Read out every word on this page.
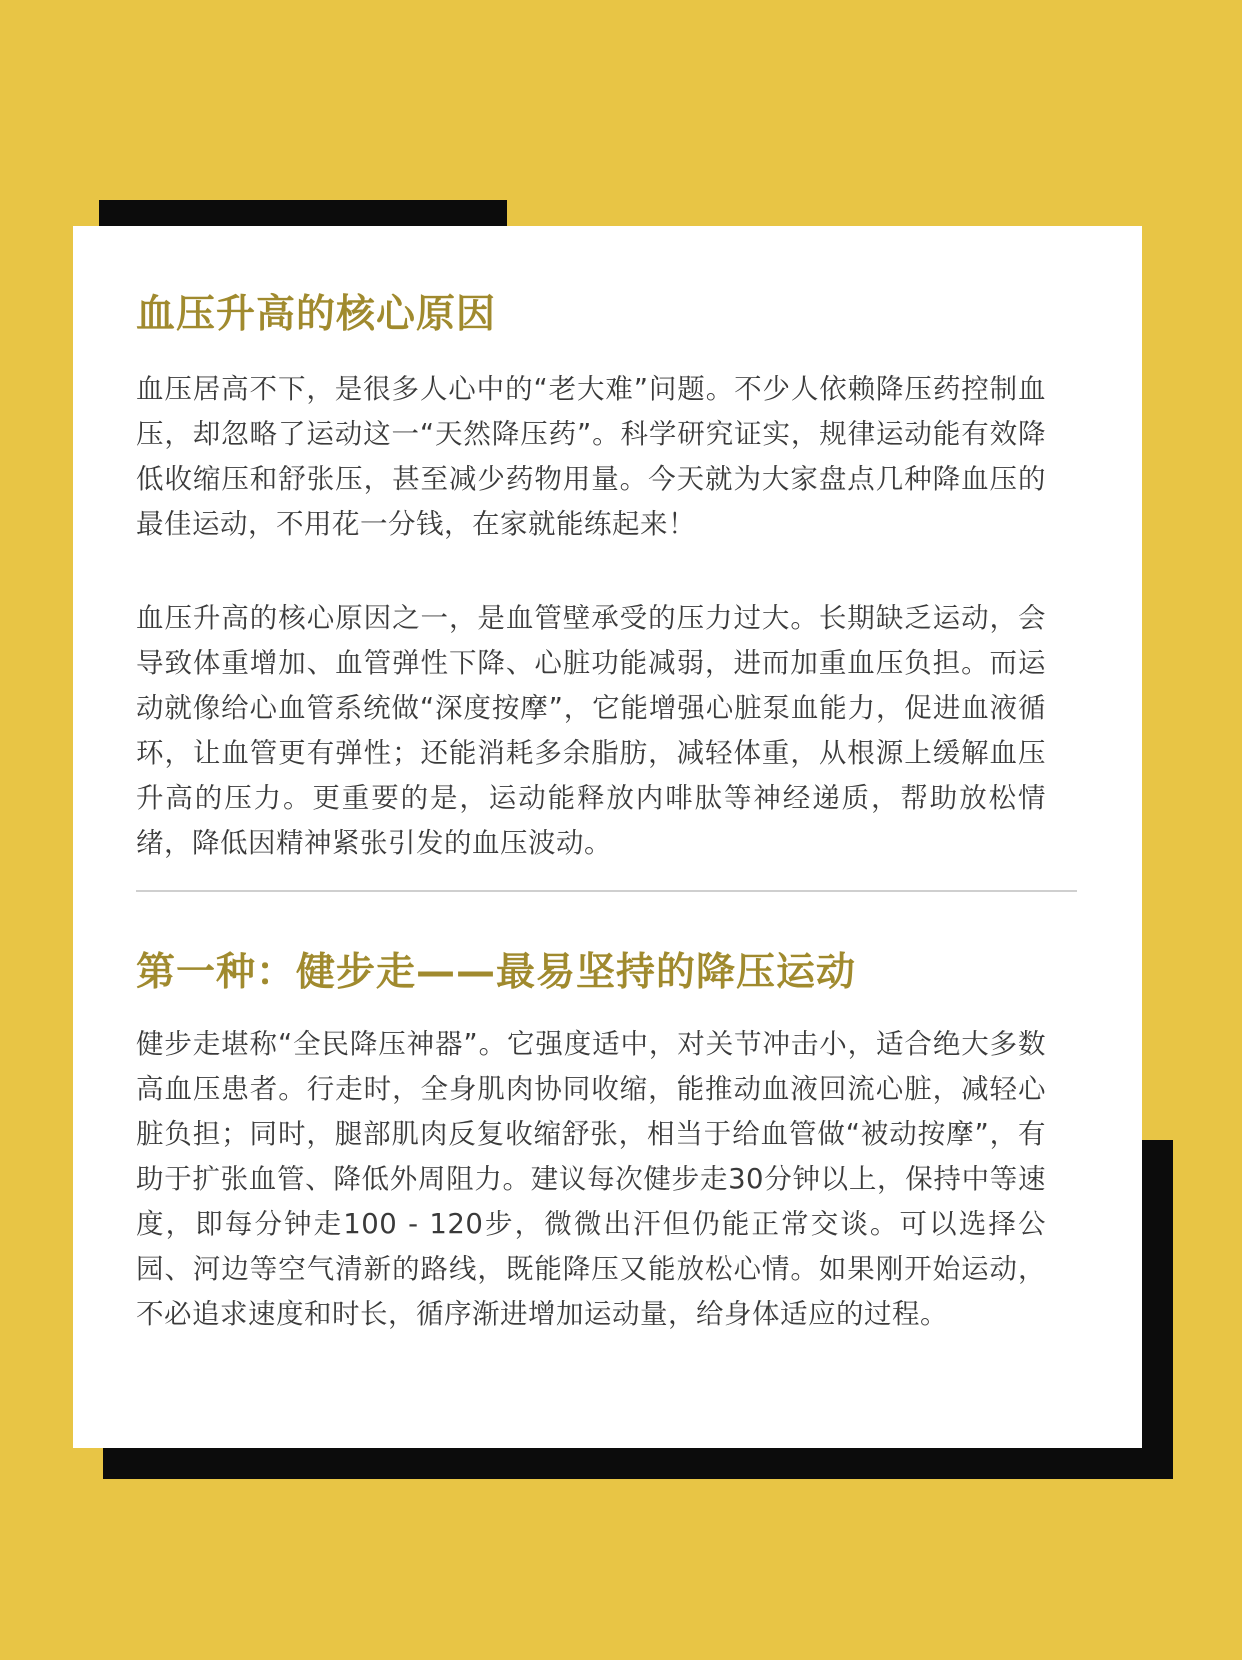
血压升高的核心原因

血压居高不下，是很多人心中的“老大难”问题。不少人依赖降压药控制血压，却忽略了运动这一“天然降压药”。科学研究证实，规律运动能有效降低收缩压和舒张压，甚至减少药物用量。今天就为大家盘点几种降血压的最佳运动，不用花一分钱，在家就能练起来！

血压升高的核心原因之一，是血管壁承受的压力过大。长期缺乏运动，会导致体重增加、血管弹性下降、心脏功能减弱，进而加重血压负担。而运动就像给心血管系统做“深度按摩”，它能增强心脏泵血能力，促进血液循环，让血管更有弹性；还能消耗多余脂肪，减轻体重，从根源上缓解血压升高的压力。更重要的是，运动能释放内啡肽等神经递质，帮助放松情绪，降低因精神紧张引发的血压波动。

第一种：健步走——最易坚持的降压运动

健步走堪称“全民降压神器”。它强度适中，对关节冲击小，适合绝大多数高血压患者。行走时，全身肌肉协同收缩，能推动血液回流心脏，减轻心脏负担；同时，腿部肌肉反复收缩舒张，相当于给血管做“被动按摩”，有助于扩张血管、降低外周阻力。建议每次健步走30分钟以上，保持中等速度，即每分钟走100 - 120步，微微出汗但仍能正常交谈。可以选择公园、河边等空气清新的路线，既能降压又能放松心情。如果刚开始运动，不必追求速度和时长，循序渐进增加运动量，给身体适应的过程。
